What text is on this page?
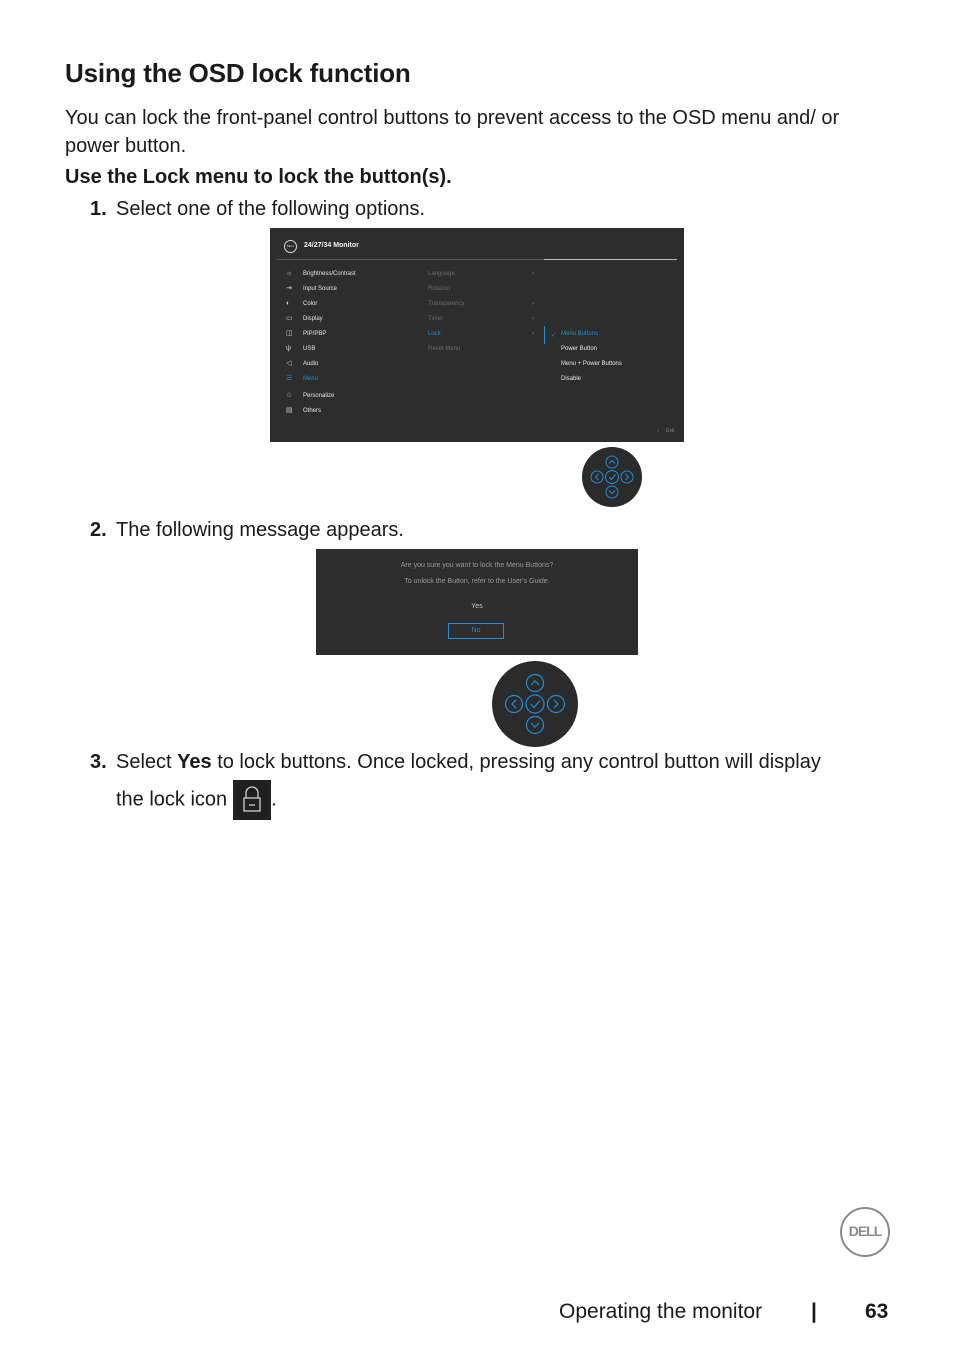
Using the OSD lock function

You can lock the front-panel control buttons to prevent access to the OSD menu and/ or power button.

Use the Lock menu to lock the button(s).

1. Select one of the following options.
DELL	24/27/34 Monitor
☼ Brightness/Contrast
⇥	Input Source
◐	Color
▭ Display
◫ PIP/PBP
ψ	USB
◁	Audio
☰ Menu
☆ Personalize
▤ Others
Language	›
Rotation
Transparency	›
Timer	›
Lock	›
Reset Menu
✓ Menu Buttons
Power Button
Menu + Power Buttons
Disable
‹ Exit
2. The following message appears.
Are you sure you want to lock the Menu Buttons?
To unlock the Button, refer to the User's Guide.
Yes
No
3. Select Yes to lock buttons. Once locked, pressing any control button will display
the lock icon .
DELL
Operating the monitor | 63
